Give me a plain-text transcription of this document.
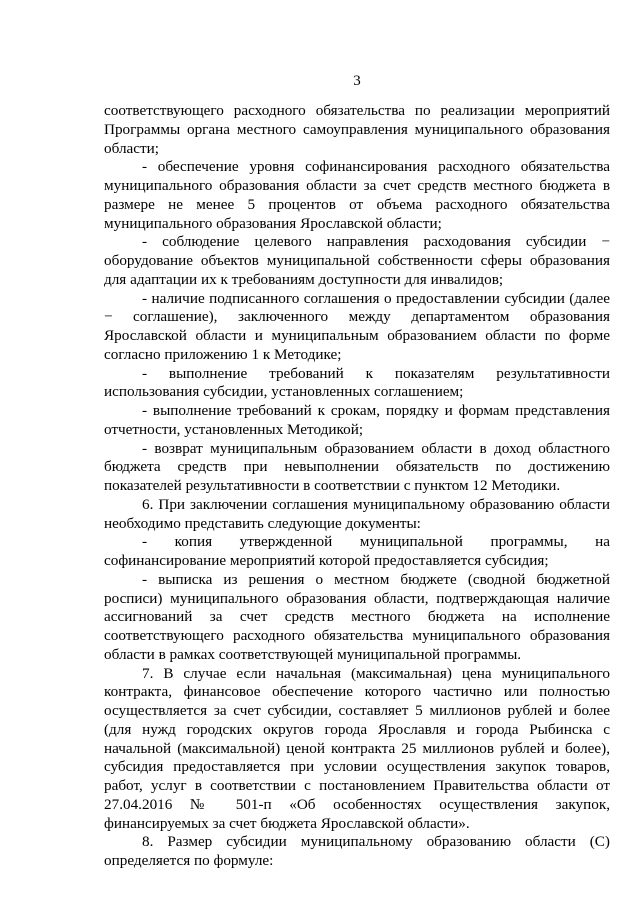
3

соответствующего расходного обязательства по реализации мероприятий Программы органа местного самоуправления муниципального образования области;

- обеспечение уровня софинансирования расходного обязательства муниципального образования области за счет средств местного бюджета в размере не менее 5 процентов от объема расходного обязательства муниципального образования Ярославской области;

- соблюдение целевого направления расходования субсидии − оборудование объектов муниципальной собственности сферы образования для адаптации их к требованиям доступности для инвалидов;

- наличие подписанного соглашения о предоставлении субсидии (далее − соглашение), заключенного между департаментом образования Ярославской области и муниципальным образованием области по форме согласно приложению 1 к Методике;

- выполнение требований к показателям результативности использования субсидии, установленных соглашением;

- выполнение требований к срокам, порядку и формам представления отчетности, установленных Методикой;

- возврат муниципальным образованием области в доход областного бюджета средств при невыполнении обязательств по достижению показателей результативности в соответствии с пунктом 12 Методики.

6. При заключении соглашения муниципальному образованию области необходимо представить следующие документы:

- копия утвержденной муниципальной программы, на софинансирование мероприятий которой предоставляется субсидия;

- выписка из решения о местном бюджете (сводной бюджетной росписи) муниципального образования области, подтверждающая наличие ассигнований за счет средств местного бюджета на исполнение соответствующего расходного обязательства муниципального образования области в рамках соответствующей муниципальной программы.

7. В случае если начальная (максимальная) цена муниципального контракта, финансовое обеспечение которого частично или полностью осуществляется за счет субсидии, составляет 5 миллионов рублей и более (для нужд городских округов города Ярославля и города Рыбинска с начальной (максимальной) ценой контракта 25 миллионов рублей и более), субсидия предоставляется при условии осуществления закупок товаров, работ, услуг в соответствии с постановлением Правительства области от 27.04.2016 № 501-п «Об особенностях осуществления закупок, финансируемых за счет бюджета Ярославской области».

8. Размер субсидии муниципальному образованию области (С) определяется по формуле:
